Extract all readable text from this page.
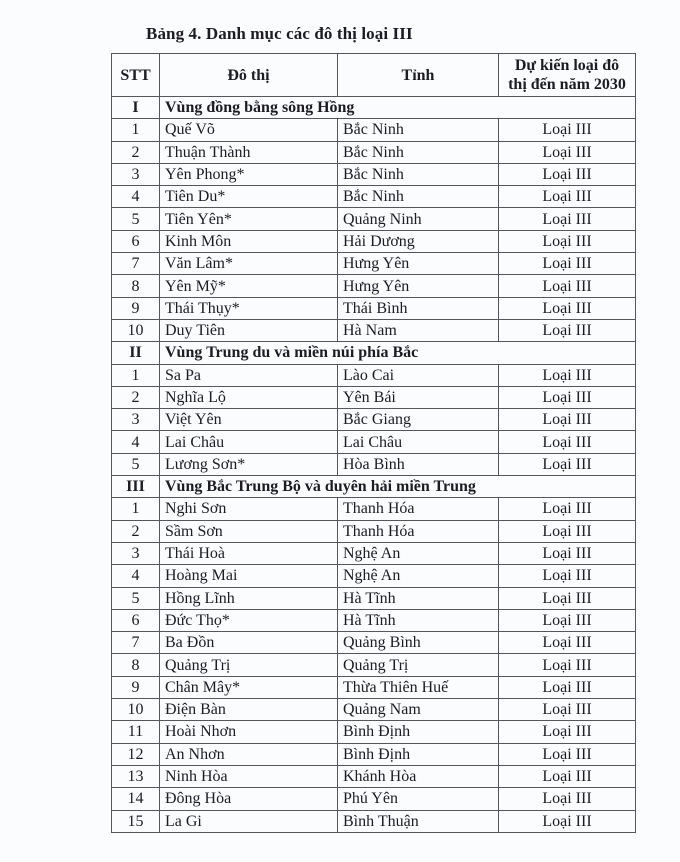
Bảng 4. Danh mục các đô thị loại III
STT	Đô thị	Tỉnh	Dự kiến loại đô thị đến năm 2030
I	Vùng đồng bằng sông Hồng		
1	Quế Võ	Bắc Ninh	Loại III
2	Thuận Thành	Bắc Ninh	Loại III
3	Yên Phong*	Bắc Ninh	Loại III
4	Tiên Du*	Bắc Ninh	Loại III
5	Tiên Yên*	Quảng Ninh	Loại III
6	Kinh Môn	Hải Dương	Loại III
7	Văn Lâm*	Hưng Yên	Loại III
8	Yên Mỹ*	Hưng Yên	Loại III
9	Thái Thụy*	Thái Bình	Loại III
10	Duy Tiên	Hà Nam	Loại III
II	Vùng Trung du và miền núi phía Bắc		
1	Sa Pa	Lào Cai	Loại III
2	Nghĩa Lộ	Yên Bái	Loại III
3	Việt Yên	Bắc Giang	Loại III
4	Lai Châu	Lai Châu	Loại III
5	Lương Sơn*	Hòa Bình	Loại III
III	Vùng Bắc Trung Bộ và duyên hải miền Trung		
1	Nghi Sơn	Thanh Hóa	Loại III
2	Sầm Sơn	Thanh Hóa	Loại III
3	Thái Hoà	Nghệ An	Loại III
4	Hoàng Mai	Nghệ An	Loại III
5	Hồng Lĩnh	Hà Tĩnh	Loại III
6	Đức Thọ*	Hà Tĩnh	Loại III
7	Ba Đồn	Quảng Bình	Loại III
8	Quảng Trị	Quảng Trị	Loại III
9	Chân Mây*	Thừa Thiên Huế	Loại III
10	Điện Bàn	Quảng Nam	Loại III
11	Hoài Nhơn	Bình Định	Loại III
12	An Nhơn	Bình Định	Loại III
13	Ninh Hòa	Khánh Hòa	Loại III
14	Đông Hòa	Phú Yên	Loại III
15	La Gi	Bình Thuận	Loại III
